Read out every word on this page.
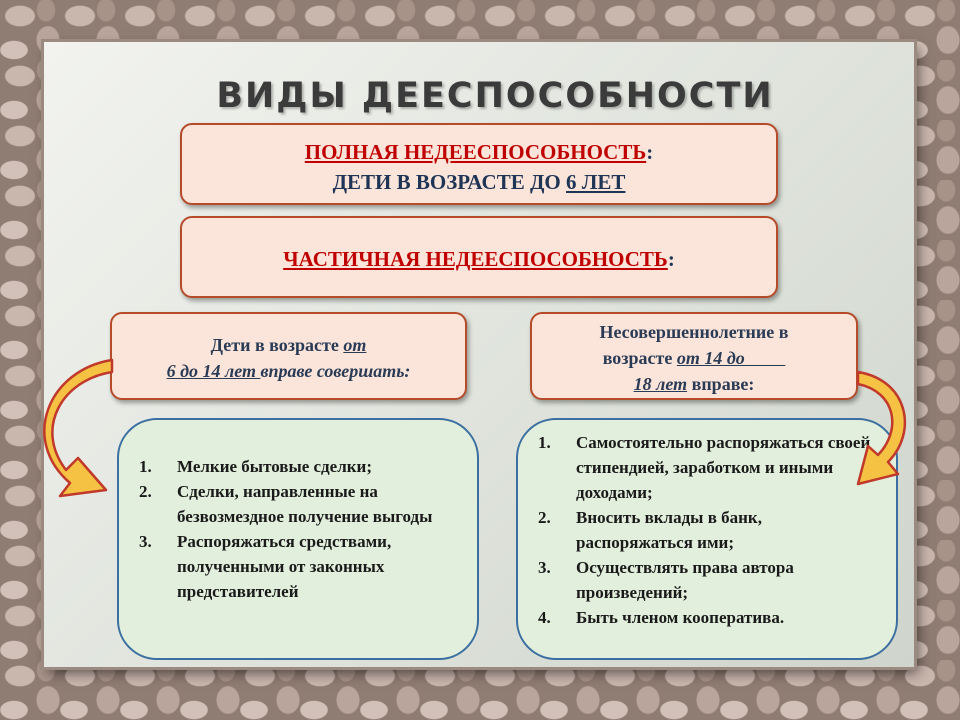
ВИДЫ ДЕЕСПОСОБНОСТИ
ПОЛНАЯ НЕДЕЕСПОСОБНОСТЬ:
ДЕТИ В ВОЗРАСТЕ ДО 6 ЛЕТ
ЧАСТИЧНАЯ НЕДЕЕСПОСОБНОСТЬ:
Дети в возрасте от
6 до 14 лет вправе совершать:
Несовершеннолетние в
возрасте от 14 до
18 лет вправе:
1. Мелкие бытовые сделки;
2. Сделки, направленные на безвозмездное получение выгоды
3. Распоряжаться средствами, полученными от законных представителей
1. Самостоятельно распоряжаться своей стипендией, заработком и иными доходами;
2. Вносить вклады в банк, распоряжаться ими;
3. Осуществлять права автора произведений;
4. Быть членом кооператива.
